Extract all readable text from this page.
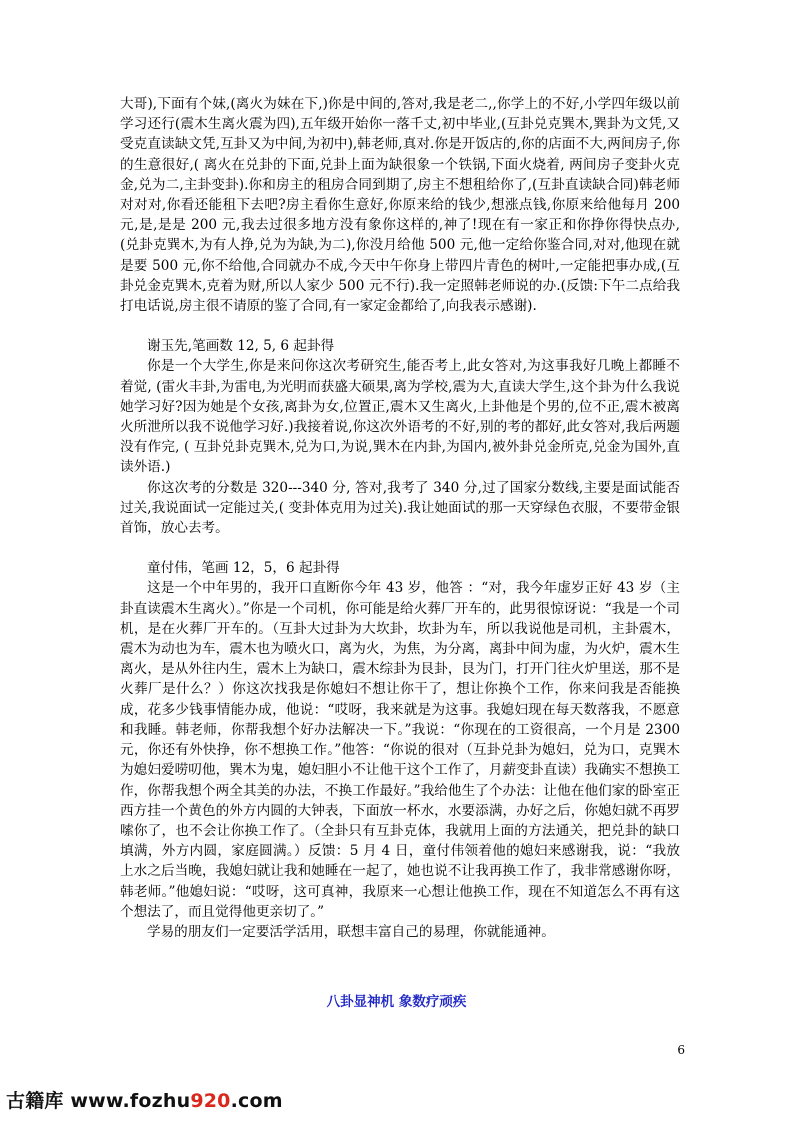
大哥),下面有个妹,(离火为妹在下,)你是中间的,答对,我是老二,,你学上的不好,小学四年级以前学习还行(震木生离火震为四),五年级开始你一落千丈,初中毕业,(互卦兑克巽木,巽卦为文凭,又受克直读缺文凭,互卦又为中间,为初中),韩老师,真对.你是开饭店的,你的店面不大,两间房子,你的生意很好,( 离火在兑卦的下面,兑卦上面为缺很象一个铁锅,下面火烧着, 两间房子变卦火克金,兑为二,主卦变卦).你和房主的租房合同到期了,房主不想租给你了,(互卦直读缺合同)韩老师对对对,你看还能租下去吧?房主看你生意好,你原来给的钱少,想涨点钱,你原来给他每月 200 元,是,是是 200 元,我去过很多地方没有象你这样的,神了!现在有一家正和你挣你得快点办, (兑卦克巽木,为有人挣,兑为为缺,为二),你没月给他 500 元,他一定给你鉴合同,对对,他现在就是要 500 元,你不给他,合同就办不成,今天中午你身上带四片青色的树叶,一定能把事办成,(互卦兑金克巽木,克着为财,所以人家少 500 元不行).我一定照韩老师说的办.(反馈:下午二点给我打电话说,房主很不请原的鉴了合同,有一家定金都给了,向我表示感谢).

谢玉先,笔画数 12, 5, 6 起卦得

你是一个大学生,你是来问你这次考研究生,能否考上,此女答对,为这事我好几晚上都睡不着觉, (雷火丰卦,为雷电,为光明而获盛大硕果,离为学校,震为大,直读大学生,这个卦为什么我说她学习好?因为她是个女孩,离卦为女,位置正,震木又生离火,上卦他是个男的,位不正,震木被离火所泄所以我不说他学习好.)我接着说,你这次外语考的不好,别的考的都好,此女答对,我后两题没有作完, ( 互卦兑卦克巽木,兑为口,为说,巽木在内卦,为国内,被外卦兑金所克,兑金为国外,直读外语.)

你这次考的分数是 320---340 分, 答对,我考了 340 分,过了国家分数线,主要是面试能否过关,我说面试一定能过关,( 变卦体克用为过关).我让她面试的那一天穿绿色衣服，不要带金银首饰，放心去考。

童付伟，笔画 12，5，6 起卦得

这是一个中年男的，我开口直断你今年 43 岁，他答 ：“对，我今年虚岁正好 43 岁（主卦直读震木生离火）。”你是一个司机，你可能是给火葬厂开车的，此男很惊讶说：“我是一个司机，是在火葬厂开车的。（互卦大过卦为大坎卦，坎卦为车，所以我说他是司机，主卦震木，震木为动也为车，震木也为喷火口，离为火，为焦，为分离，离卦中间为虚，为火炉，震木生离火，是从外往内生，震木上为缺口，震木综卦为艮卦，艮为门，打开门往火炉里送，那不是火葬厂是什么？）你这次找我是你媳妇不想让你干了，想让你换个工作，你来问我是否能换成，花多少钱事情能办成，他说：“哎呀，我来就是为这事。我媳妇现在每天数落我，不愿意和我睡。韩老师，你帮我想个好办法解决一下。”我说：“你现在的工资很高，一个月是 2300 元，你还有外快挣，你不想换工作。”他答：“你说的很对（互卦兑卦为媳妇，兑为口，克巽木为媳妇爱唠叨他，巽木为鬼，媳妇胆小不让他干这个工作了，月薪变卦直读）我确实不想换工作，你帮我想个两全其美的办法，不换工作最好。”我给他生了个办法：让他在他们家的卧室正西方挂一个黄色的外方内圆的大钟表，下面放一杯水，水要添满，办好之后，你媳妇就不再罗嗦你了，也不会让你换工作了。（全卦只有互卦克体，我就用上面的方法通关，把兑卦的缺口填满，外方内圆，家庭圆满。）反馈：5 月 4 日，童付伟领着他的媳妇来感谢我，说：“我放上水之后当晚，我媳妇就让我和她睡在一起了，她也说不让我再换工作了，我非常感谢你呀，韩老师。”他媳妇说：“哎呀，这可真神，我原来一心想让他换工作，现在不知道怎么不再有这个想法了，而且觉得他更亲切了。”

学易的朋友们一定要活学活用，联想丰富自己的易理，你就能通神。

八卦显神机 象数疗顽疾
6
古籍库 www.fozhu920.com
